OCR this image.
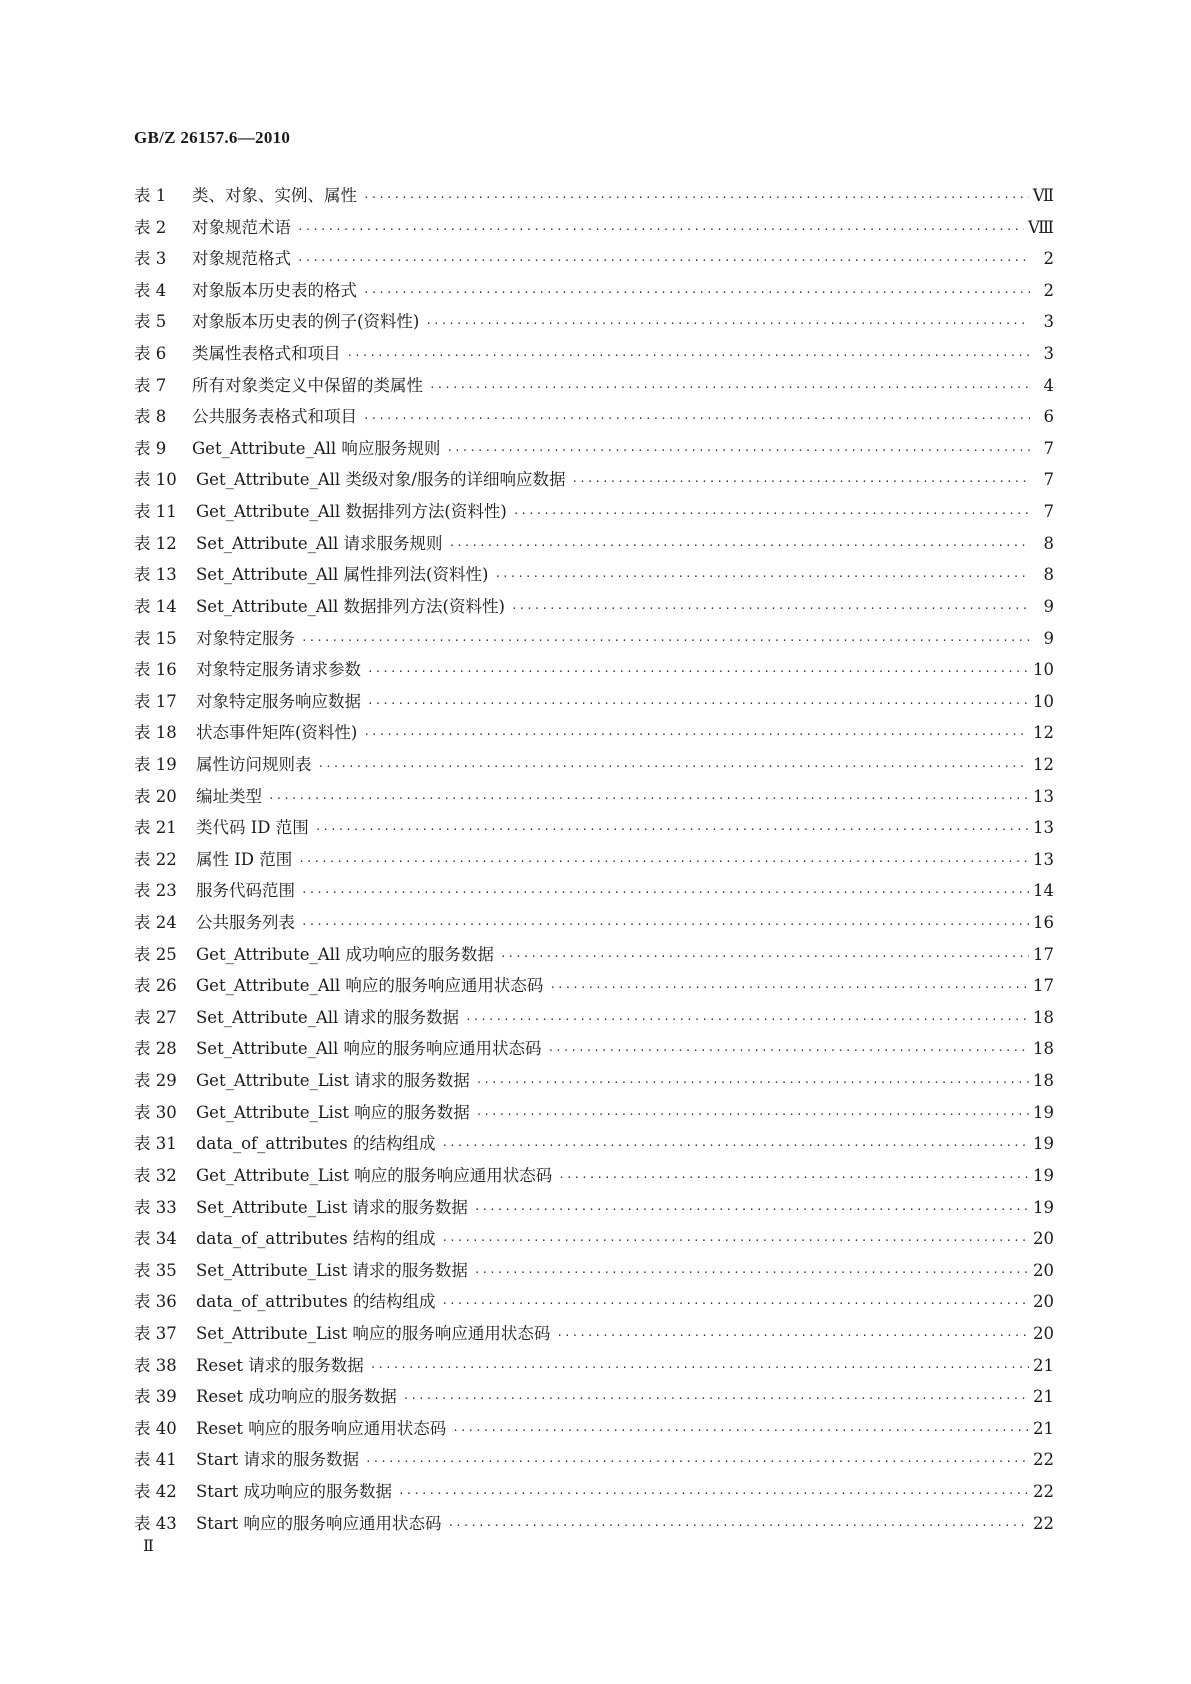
GB/Z 26157.6—2010
表 1 类、对象、实例、属性 ·····	Ⅶ
表 2 对象规范术语 ·····	Ⅷ
表 3 对象规范格式 ·····	2
表 4 对象版本历史表的格式 ·····	2
表 5 对象版本历史表的例子(资料性) ·····	3
表 6 类属性表格式和项目 ·····	3
表 7 所有对象类定义中保留的类属性 ·····	4
表 8 公共服务表格式和项目 ·····	6
表 9 Get_Attribute_All 响应服务规则 ·····	7
表 10 Get_Attribute_All 类级对象/服务的详细响应数据 ·····	7
表 11 Get_Attribute_All 数据排列方法(资料性) ·····	7
表 12 Set_Attribute_All 请求服务规则 ·····	8
表 13 Set_Attribute_All 属性排列法(资料性) ·····	8
表 14 Set_Attribute_All 数据排列方法(资料性) ·····	9
表 15 对象特定服务 ·····	9
表 16 对象特定服务请求参数 ·····	10
表 17 对象特定服务响应数据 ·····	10
表 18 状态事件矩阵(资料性) ·····	12
表 19 属性访问规则表 ·····	12
表 20 编址类型 ·····	13
表 21 类代码 ID 范围 ·····	13
表 22 属性 ID 范围 ·····	13
表 23 服务代码范围 ·····	14
表 24 公共服务列表 ·····	16
表 25 Get_Attribute_All 成功响应的服务数据 ·····	17
表 26 Get_Attribute_All 响应的服务响应通用状态码 ·····	17
表 27 Set_Attribute_All 请求的服务数据 ·····	18
表 28 Set_Attribute_All 响应的服务响应通用状态码 ·····	18
表 29 Get_Attribute_List 请求的服务数据 ·····	18
表 30 Get_Attribute_List 响应的服务数据 ·····	19
表 31 data_of_attributes 的结构组成 ·····	19
表 32 Get_Attribute_List 响应的服务响应通用状态码 ·····	19
表 33 Set_Attribute_List 请求的服务数据 ·····	19
表 34 data_of_attributes 结构的组成 ·····	20
表 35 Set_Attribute_List 请求的服务数据 ·····	20
表 36 data_of_attributes 的结构组成 ·····	20
表 37 Set_Attribute_List 响应的服务响应通用状态码 ·····	20
表 38 Reset 请求的服务数据 ·····	21
表 39 Reset 成功响应的服务数据 ·····	21
表 40 Reset 响应的服务响应通用状态码 ·····	21
表 41 Start 请求的服务数据 ·····	22
表 42 Start 成功响应的服务数据 ·····	22
表 43 Start 响应的服务响应通用状态码 ·····	22
Ⅱ
